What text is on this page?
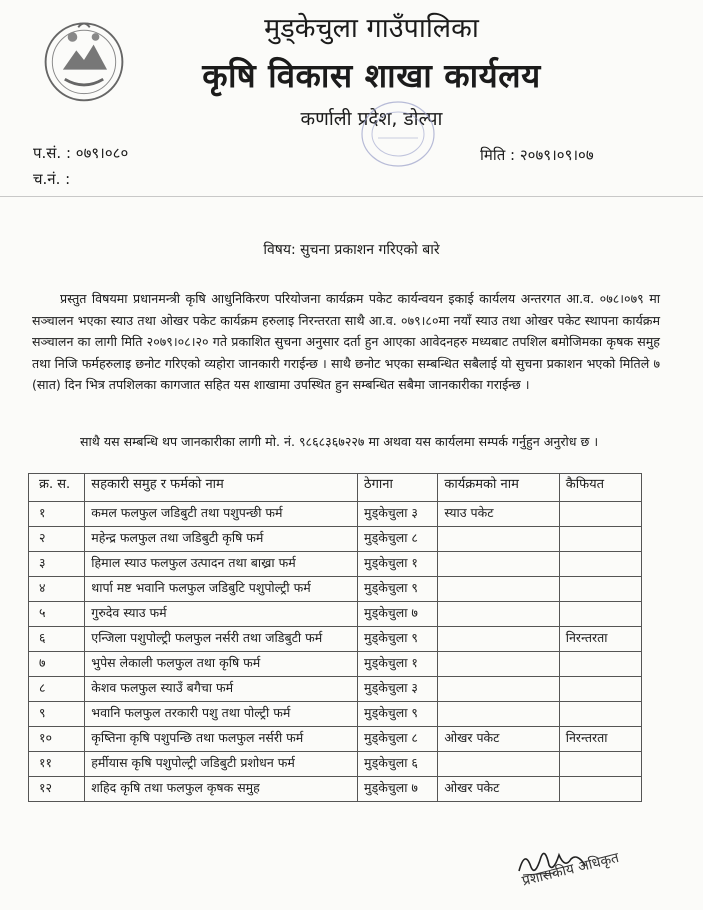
मुड्केचुला गाउँपालिका
कृषि विकास शाखा कार्यलय
कर्णाली प्रदेश, डोल्पा
प.सं. : ०७९।०८०
च.नं. :
मिति : २०७९।०९।०७
विषय: सुचना प्रकाशन गरिएको बारे
प्रस्तुत विषयमा प्रधानमन्त्री कृषि आधुनिकिरण परियोजना कार्यक्रम पकेट कार्यन्वयन इकाई कार्यलय अन्तरगत आ.व. ०७८।०७९ मा सञ्चालन भएका स्याउ तथा ओखर पकेट कार्यक्रम हरुलाइ निरन्तरता साथै आ.व. ०७९।८०मा नयाँ स्याउ तथा ओखर पकेट स्थापना कार्यक्रम सञ्चालन का लागी मिति २०७९।०८।२० गते प्रकाशित सुचना अनुसार दर्ता हुन आएका आवेदनहरु मध्यबाट तपशिल बमोजिमका कृषक समुह तथा निजि फर्महरुलाइ छनोट गरिएको व्यहोरा जानकारी गराईन्छ । साथै छनोट भएका सम्बन्धित सबैलाई यो सुचना प्रकाशन भएको मितिले ७ (सात) दिन भित्र तपशिलका कागजात सहित यस शाखामा उपस्थित हुन सम्बन्धित सबैमा जानकारीका गराईन्छ ।
साथै यस सम्बन्धि थप जानकारीका लागी मो. नं. ९८६८३६७२२७ मा अथवा यस कार्यलमा सम्पर्क गर्नुहुन अनुरोध छ ।
क्र. स.	सहकारी समुह र फर्मको नाम	ठेगाना	कार्यक्रमको नाम	कैफियत
१	कमल फलफुल जडिबुटी तथा पशुपन्छी फर्म	मुड्केचुला ३	स्याउ पकेट	
२	महेन्द्र फलफुल तथा जडिबुटी कृषि फर्म	मुड्केचुला ८		
३	हिमाल स्याउ फलफुल उत्पादन तथा बाख्रा फर्म	मुड्केचुला १		
४	थार्पा मष्ट भवानि फलफुल जडिबुटि पशुपोल्ट्री फर्म	मुड्केचुला ९		
५	गुरुदेव स्याउ फर्म	मुड्केचुला ७		
६	एन्जिला पशुपोल्ट्री फलफुल नर्सरी तथा जडिबुटी फर्म	मुड्केचुला ९		निरन्तरता
७	भुपेस लेकाली फलफुल तथा कृषि फर्म	मुड्केचुला १		
८	केशव फलफुल स्याउँ बगैचा फर्म	मुड्केचुला ३		
९	भवानि फलफुल तरकारी पशु तथा पोल्ट्री फर्म	मुड्केचुला ९		
१०	कृष्तिना कृषि पशुपन्छि तथा फलफुल नर्सरी फर्म	मुड्केचुला ८	ओखर पकेट	निरन्तरता
११	हर्मीयास कृषि पशुपोल्ट्री जडिबुटी प्रशोधन फर्म	मुड्केचुला ६		
१२	शहिद कृषि तथा फलफुल कृषक समुह	मुड्केचुला ७	ओखर पकेट	
प्रशासकीय अधिकृत
